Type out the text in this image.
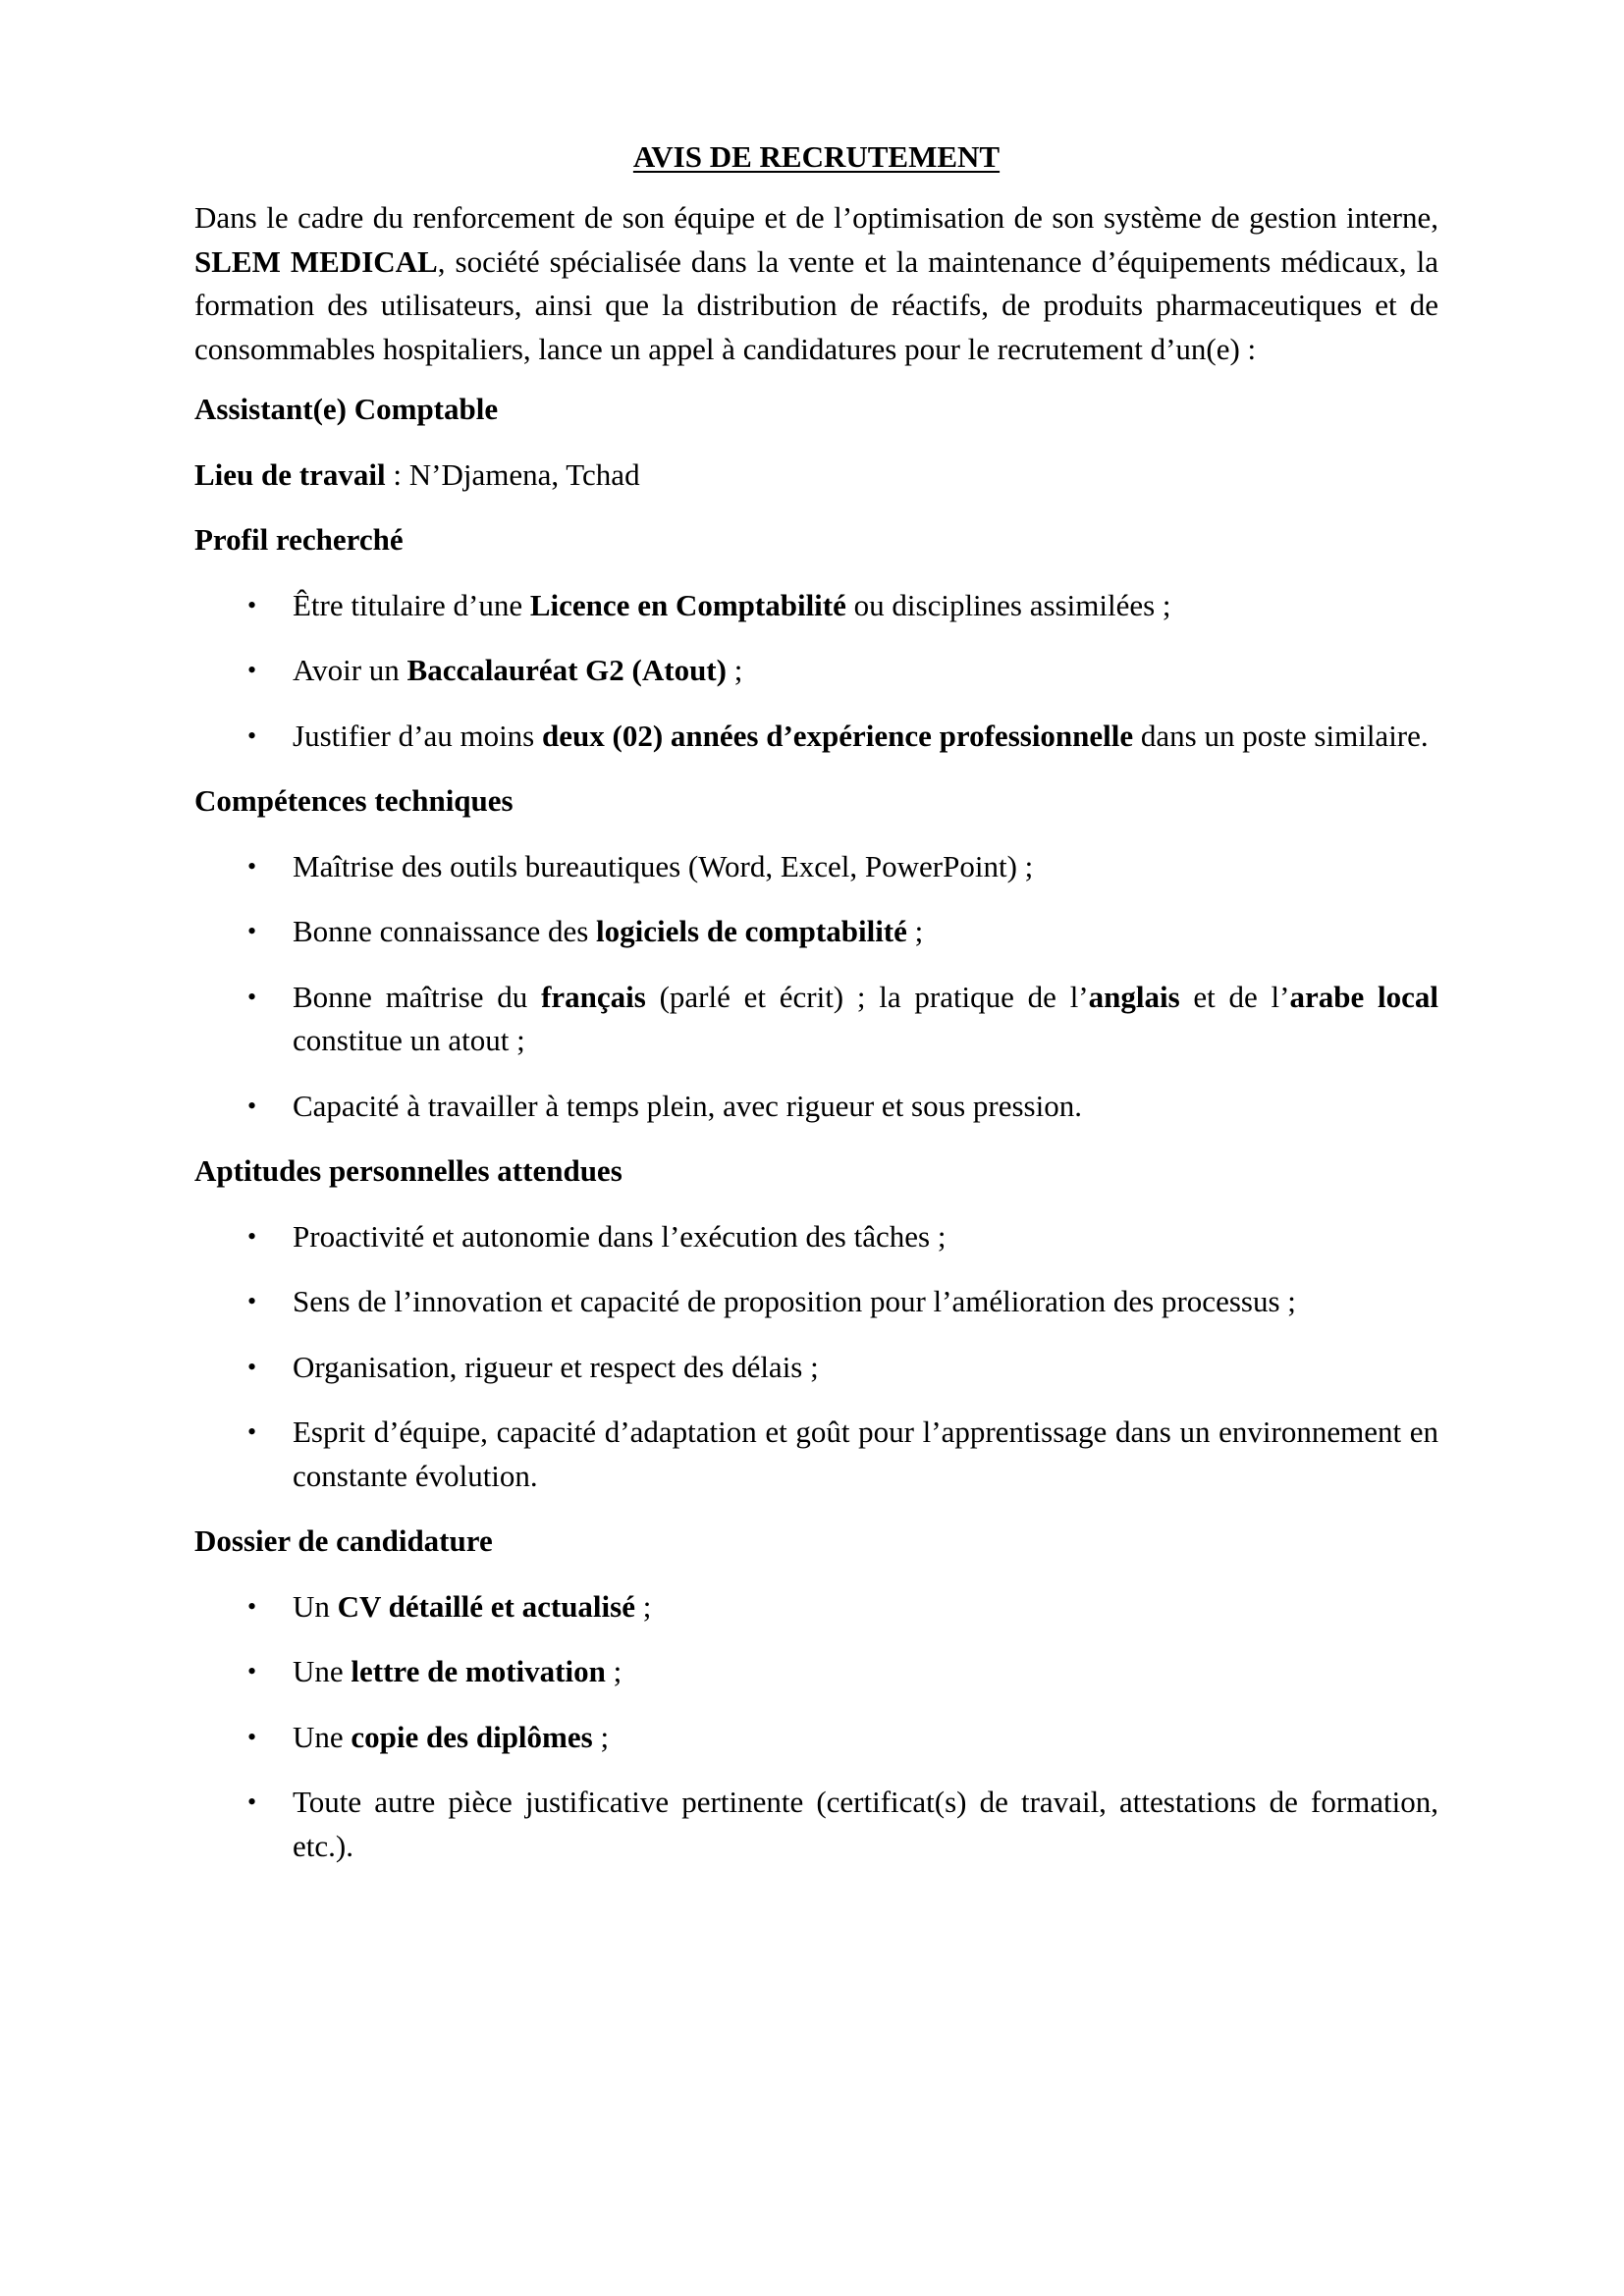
AVIS DE RECRUTEMENT

Dans le cadre du renforcement de son équipe et de l’optimisation de son système de gestion interne, SLEM MEDICAL, société spécialisée dans la vente et la maintenance d’équipements médicaux, la formation des utilisateurs, ainsi que la distribution de réactifs, de produits pharmaceutiques et de consommables hospitaliers, lance un appel à candidatures pour le recrutement d’un(e) :

Assistant(e) Comptable
Lieu de travail : N’Djamena, Tchad
Profil recherché
• Être titulaire d’une Licence en Comptabilité ou disciplines assimilées ;
• Avoir un Baccalauréat G2 (Atout) ;
• Justifier d’au moins deux (02) années d’expérience professionnelle dans un poste similaire.
Compétences techniques
• Maîtrise des outils bureautiques (Word, Excel, PowerPoint) ;
• Bonne connaissance des logiciels de comptabilité ;
• Bonne maîtrise du français (parlé et écrit) ; la pratique de l’anglais et de l’arabe local constitue un atout ;
• Capacité à travailler à temps plein, avec rigueur et sous pression.
Aptitudes personnelles attendues
• Proactivité et autonomie dans l’exécution des tâches ;
• Sens de l’innovation et capacité de proposition pour l’amélioration des processus ;
• Organisation, rigueur et respect des délais ;
• Esprit d’équipe, capacité d’adaptation et goût pour l’apprentissage dans un environnement en constante évolution.
Dossier de candidature
• Un CV détaillé et actualisé ;
• Une lettre de motivation ;
• Une copie des diplômes ;
• Toute autre pièce justificative pertinente (certificat(s) de travail, attestations de formation, etc.).
